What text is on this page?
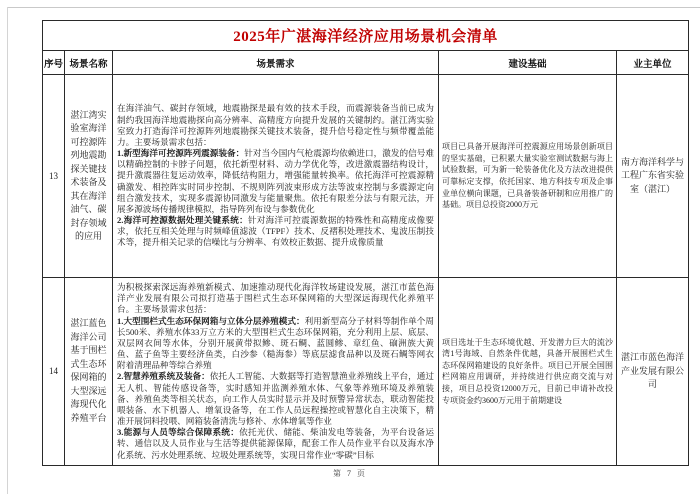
2025年广湛海洋经济应用场景机会清单				

序号	场景名称	场景需求	建设基础	业主单位
13	湛江湾实验室海洋可控源阵列地震勘探关键技术装备及其在海洋油气、碳封存领域的应用	在海洋油气、碳封存领域，地震勘探是最有效的技术手段，而震源装备当前已成为制约我国海洋地震勘探向高分辨率、高精度方向提升发展的关键制约。湛江湾实验室致力打造海洋可控源阵列地震勘探关键技术装备，提升信号稳定性与频带覆盖能力。主要场景需求包括：

1.新型海洋可控源阵列震源装备：针对当今国内气枪震源均依赖进口，激发的信号难以精确控制的卡脖子问题，依托新型材料、动力学优化等，改进激震器结构设计，提升激震器往复运动效率，降低结构阻力，增强能量转换率。依托海洋可控震源精确激发、相控阵实时同步控制、不规则阵列波束形成方法等波束控制与多震源定向组合激发技术，实现多震源协同激发与能量聚焦。依托有限差分法与有限元法，开展多源波场传播规律模拟，指导阵列布设与参数优化

2.海洋可控源数据处理关键系统：针对海洋可控震源数据的特殊性和高精度成像要求，依托互相关处理与时频峰值滤波（TFPF）技术、反褶积处理技术、鬼波压制技术等，提升相关记录的信噪比与分辨率、有效校正数据、提升成像质量	项目已具备开展海洋可控震源应用场景创新项目的坚实基础，已积累大量实验室测试数据与海上试验数据，可为新一轮装备优化及方法改进提供可靠标定支撑，依托国家、地方科技专项及企事业单位横向课题，已具备装备研制和应用推广的基础。项目总投资2000万元	南方海洋科学与工程广东省实验室（湛江）
14	湛江蓝色海洋公司基于围栏式生态环保网箱的大型深远海现代化养殖平台	为积极探索深远海养殖新模式、加速推动现代化海洋牧场建设发展，湛江市蓝色海洋产业发展有限公司拟打造基于围栏式生态环保网箱的大型深远海现代化养殖平台。主要场景需求包括：

1.大型围栏式生态环保网箱与立体分层养殖模式：利用新型高分子材料等制作单个周长500米、养殖水体33万立方米的大型围栏式生态环保网箱，充分利用上层、底层、双层网衣间等水体，分别开展黄带拟鲹、斑石鲷、蓝圆鲹、章红鱼、硇洲族大黄鱼、蓝子鱼等主要经济鱼类，白沙参（糙海参）等底层滤食品种以及斑石鲷等网衣附着清理品种等综合养殖

2.智慧养殖系统及装备：依托人工智能、大数据等打造智慧渔业养殖线上平台，通过无人机、智能传感设备等，实时感知并监测养殖水体、气象等养殖环境及养殖装备、养殖鱼类等相关状态，向工作人员实时显示并及时预警异常状态，联动智能投喂装备、水下机器人、增氧设备等，在工作人员远程操控或智慧化自主决策下，精准开展饲料投喂、网箱装备清洗与修补、水体增氧等作业

3.能源与人员等综合保障系统：依托光伏、储能、柴油发电等装备，为平台设备运转、通信以及人员作业与生活等提供能源保障，配套工作人员作业平台以及海水净化系统、污水处理系统、垃圾处理系统等，实现日常作业“零碳”目标	项目选址于生态环境优越、开发潜力巨大的流沙湾1号海域、自然条件优越，具备开展围栏式生态环保网箱建设的良好条件。项目已开展全国围栏网箱应用调研，并持续进行供应商交流与对接，项目总投资12000万元，目前已申请补改投专项资金约3600万元用于前期建设	湛江市蓝色海洋产业发展有限公司
第 7 页
